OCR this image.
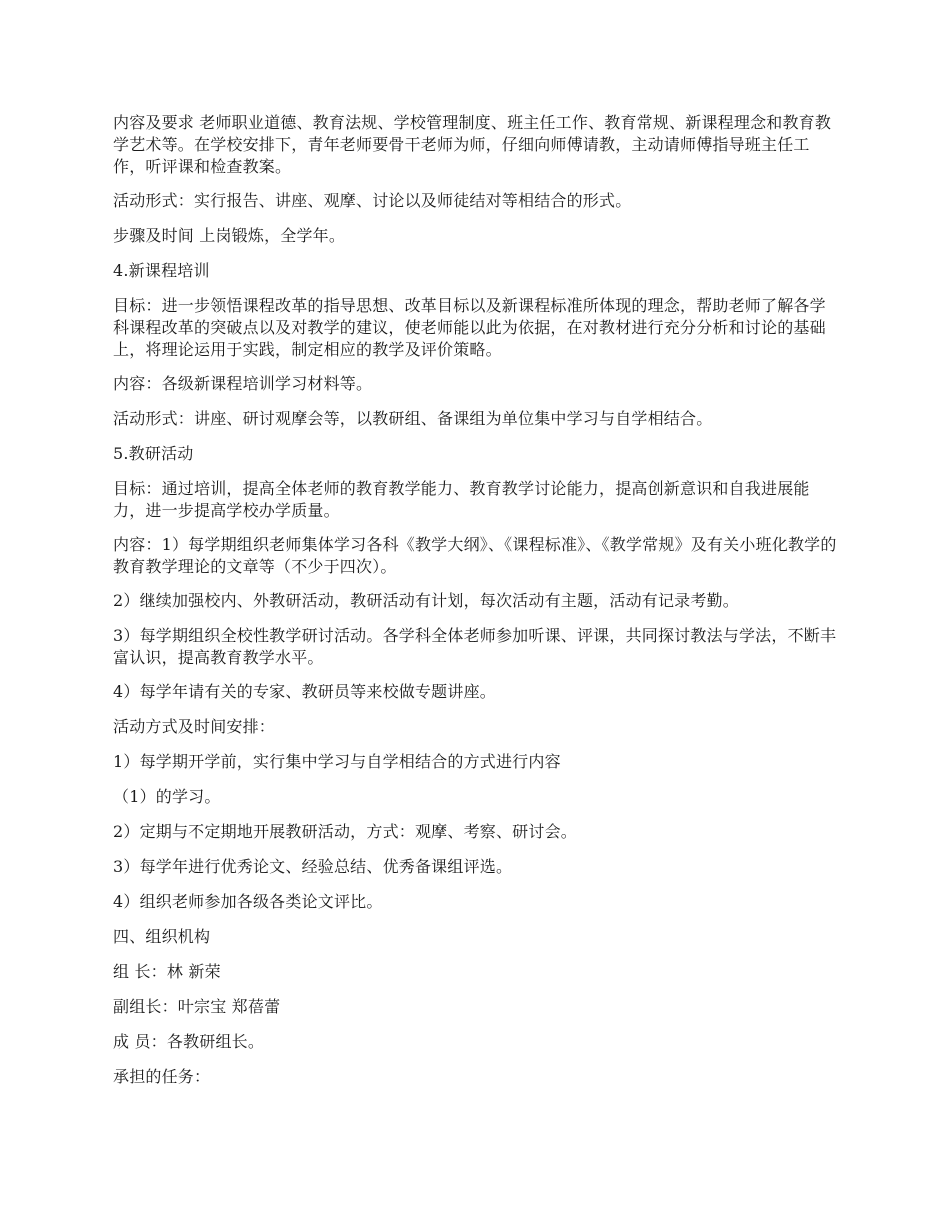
内容及要求 老师职业道德、教育法规、学校管理制度、班主任工作、教育常规、新课程理念和教育教学艺术等。在学校安排下，青年老师要骨干老师为师，仔细向师傅请教，主动请师傅指导班主任工作，听评课和检查教案。

活动形式：实行报告、讲座、观摩、讨论以及师徒结对等相结合的形式。

步骤及时间 上岗锻炼，全学年。

4.新课程培训

目标：进一步领悟课程改革的指导思想、改革目标以及新课程标准所体现的理念，帮助老师了解各学科课程改革的突破点以及对教学的建议，使老师能以此为依据，在对教材进行充分分析和讨论的基础上，将理论运用于实践，制定相应的教学及评价策略。

内容：各级新课程培训学习材料等。

活动形式：讲座、研讨观摩会等，以教研组、备课组为单位集中学习与自学相结合。

5.教研活动

目标：通过培训，提高全体老师的教育教学能力、教育教学讨论能力，提高创新意识和自我进展能力，进一步提高学校办学质量。

内容：1）每学期组织老师集体学习各科《教学大纲》、《课程标准》、《教学常规》及有关小班化教学的教育教学理论的文章等（不少于四次）。

2）继续加强校内、外教研活动，教研活动有计划，每次活动有主题，活动有记录考勤。

3）每学期组织全校性教学研讨活动。各学科全体老师参加听课、评课，共同探讨教法与学法，不断丰富认识，提高教育教学水平。

4）每学年请有关的专家、教研员等来校做专题讲座。

活动方式及时间安排：

1）每学期开学前，实行集中学习与自学相结合的方式进行内容

（1）的学习。

2）定期与不定期地开展教研活动，方式：观摩、考察、研讨会。

3）每学年进行优秀论文、经验总结、优秀备课组评选。

4）组织老师参加各级各类论文评比。

四、组织机构

组 长：林 新荣

副组长：叶宗宝 郑蓓蕾

成 员：各教研组长。

承担的任务：
